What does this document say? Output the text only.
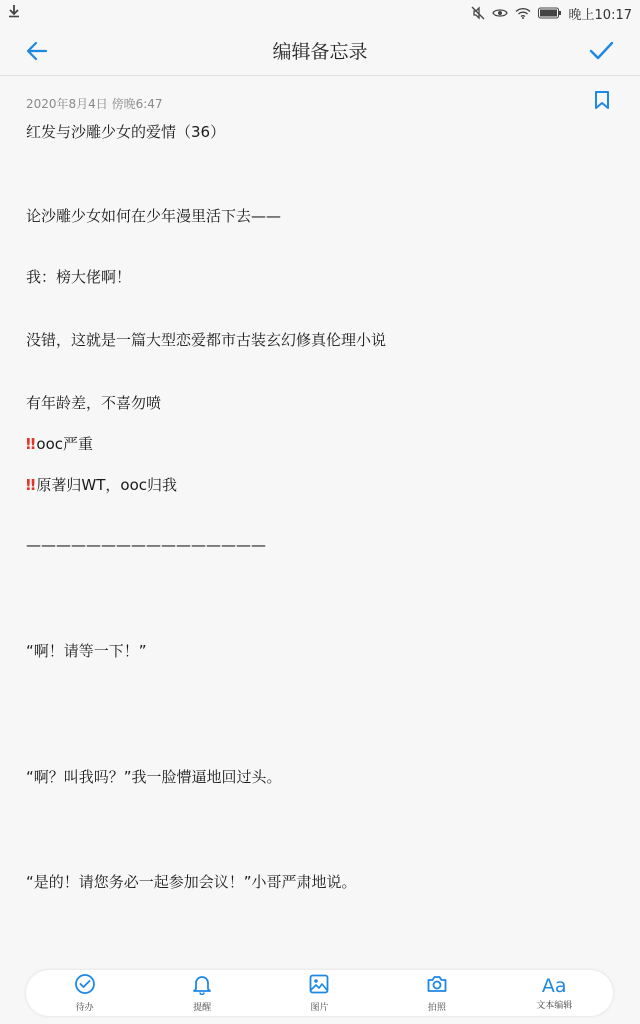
晚上10:17
编辑备忘录
2020年8月4日 傍晚6:47
红发与沙雕少女的爱情（36）
论沙雕少女如何在少年漫里活下去——
我：榜大佬啊！
没错，这就是一篇大型恋爱都市古装玄幻修真伦理小说
有年龄差，不喜勿喷
‼ ooc严重
‼ 原著归WT，ooc归我
————————————————
“啊！请等一下！”
“啊？叫我吗？”我一脸懵逼地回过头。
“是的！请您务必一起参加会议！”小哥严肃地说。
待办	提醒	图片	拍照
Aa
文本编辑
